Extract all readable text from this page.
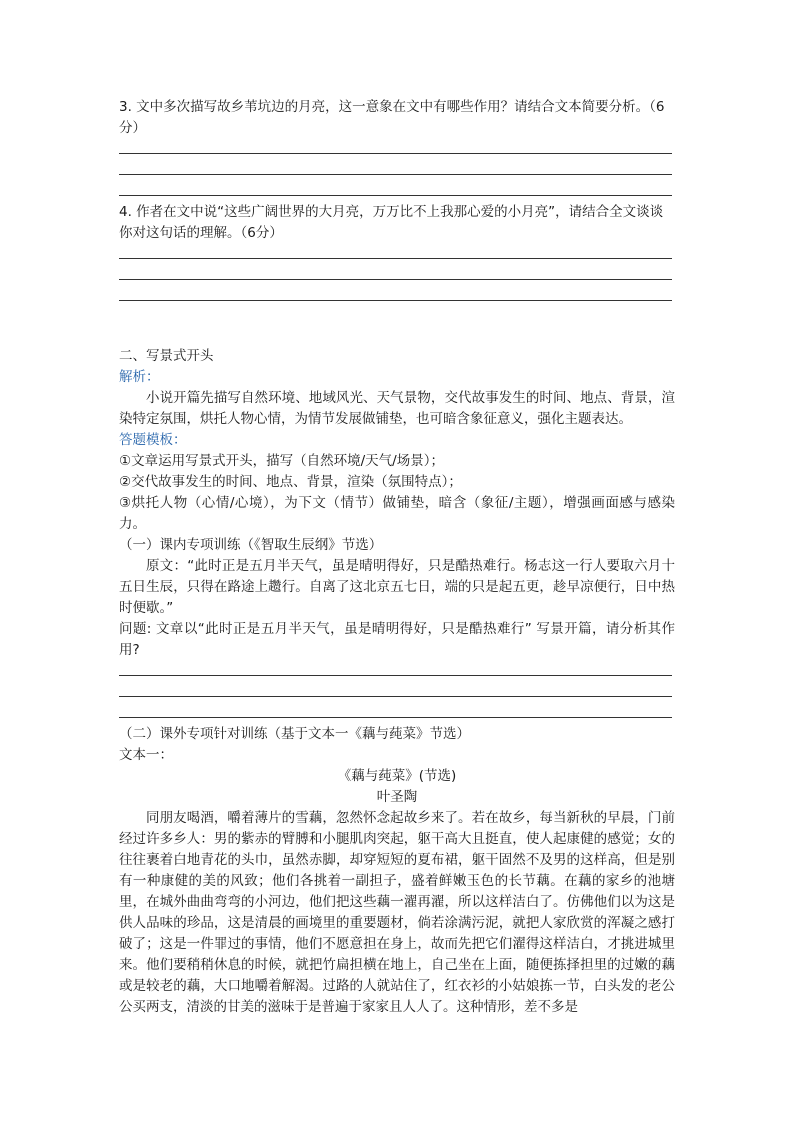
3. 文中多次描写故乡苇坑边的月亮，这一意象在文中有哪些作用？请结合文本简要分析。（6分）

4. 作者在文中说“这些广阔世界的大月亮，万万比不上我那心爱的小月亮”，请结合全文谈谈你对这句话的理解。（6分）

二、写景式开头

解析：

小说开篇先描写自然环境、地域风光、天气景物，交代故事发生的时间、地点、背景，渲染特定氛围，烘托人物心情，为情节发展做铺垫，也可暗含象征意义，强化主题表达。

答题模板：

①文章运用写景式开头，描写（自然环境/天气/场景）；

②交代故事发生的时间、地点、背景，渲染（氛围特点）；

③烘托人物（心情/心境），为下文（情节）做铺垫，暗含（象征/主题），增强画面感与感染力。

（一）课内专项训练（《智取生辰纲》节选）

原文：“此时正是五月半天气，虽是晴明得好，只是酷热难行。杨志这一行人要取六月十五日生辰，只得在路途上趱行。自离了这北京五七日，端的只是起五更，趁早凉便行，日中热时便歇。”

问题: 文章以“此时正是五月半天气，虽是晴明得好，只是酷热难行” 写景开篇，请分析其作用?

（二）课外专项针对训练（基于文本一《藕与莼菜》节选）

文本一：

《藕与莼菜》(节选)

叶圣陶

同朋友喝酒，嚼着薄片的雪藕，忽然怀念起故乡来了。若在故乡，每当新秋的早晨，门前经过许多乡人：男的紫赤的臂膊和小腿肌肉突起，躯干高大且挺直，使人起康健的感觉；女的往往裹着白地青花的头巾，虽然赤脚，却穿短短的夏布裙，躯干固然不及男的这样高，但是别有一种康健的美的风致；他们各挑着一副担子，盛着鲜嫩玉色的长节藕。在藕的家乡的池塘里，在城外曲曲弯弯的小河边，他们把这些藕一濯再濯，所以这样洁白了。仿佛他们以为这是供人品味的珍品，这是清晨的画境里的重要题材，倘若涂满污泥，就把人家欣赏的浑凝之感打破了；这是一件罪过的事情，他们不愿意担在身上，故而先把它们濯得这样洁白，才挑进城里来。他们要稍稍休息的时候，就把竹扁担横在地上，自己坐在上面，随便拣择担里的过嫩的藕或是较老的藕，大口地嚼着解渴。过路的人就站住了，红衣衫的小姑娘拣一节，白头发的老公公买两支，清淡的甘美的滋味于是普遍于家家且人人了。这种情形，差不多是
